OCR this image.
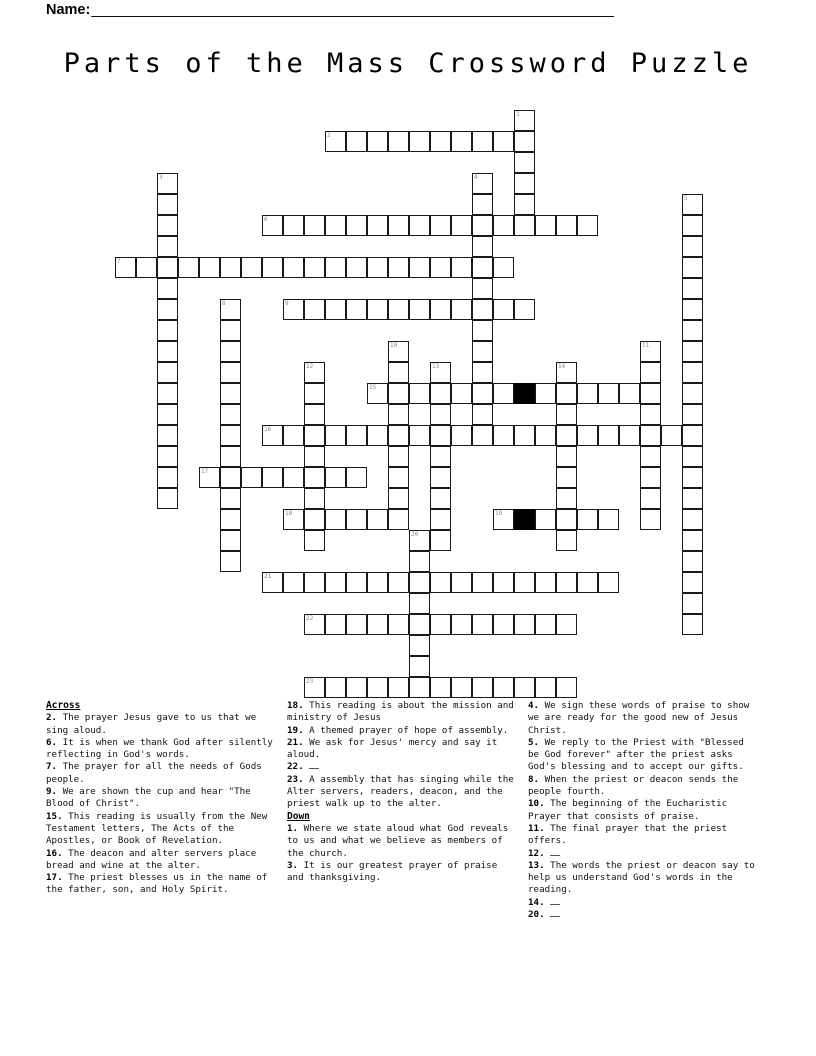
Name: ______________________________________________________________________
Parts of the Mass Crossword Puzzle
1
2
3	4
5
6
7
8	9
10	11
12	13	14
15
16
17
18	19
20
21
22
23
Across

2. The prayer Jesus gave to us that we sing aloud.

6. It is when we thank God after silently reflecting in God's words.

7. The prayer for all the needs of Gods people.

9. We are shown the cup and hear "The Blood of Christ".

15. This reading is usually from the New Testament letters, The Acts of the Apostles, or Book of Revelation.

16. The deacon and alter servers place bread and wine at the alter.

17. The priest blesses us in the name of the father, son, and Holy Spirit.

18. This reading is about the mission and ministry of Jesus

19. A themed prayer of hope of assembly.

21. We ask for Jesus' mercy and say it aloud.

22.

23. A assembly that has singing while the Alter servers, readers, deacon, and the priest walk up to the alter.

Down

1. Where we state aloud what God reveals to us and what we believe as members of the church.

3. It is our greatest prayer of praise and thanksgiving.

4. We sign these words of praise to show we are ready for the good new of Jesus Christ.

5. We reply to the Priest with "Blessed be God forever" after the priest asks God's blessing and to accept our gifts.

8. When the priest or deacon sends the people fourth.

10. The beginning of the Eucharistic Prayer that consists of praise.

11. The final prayer that the priest offers.

12.

13. The words the priest or deacon say to help us understand God's words in the reading.

14.

20.
